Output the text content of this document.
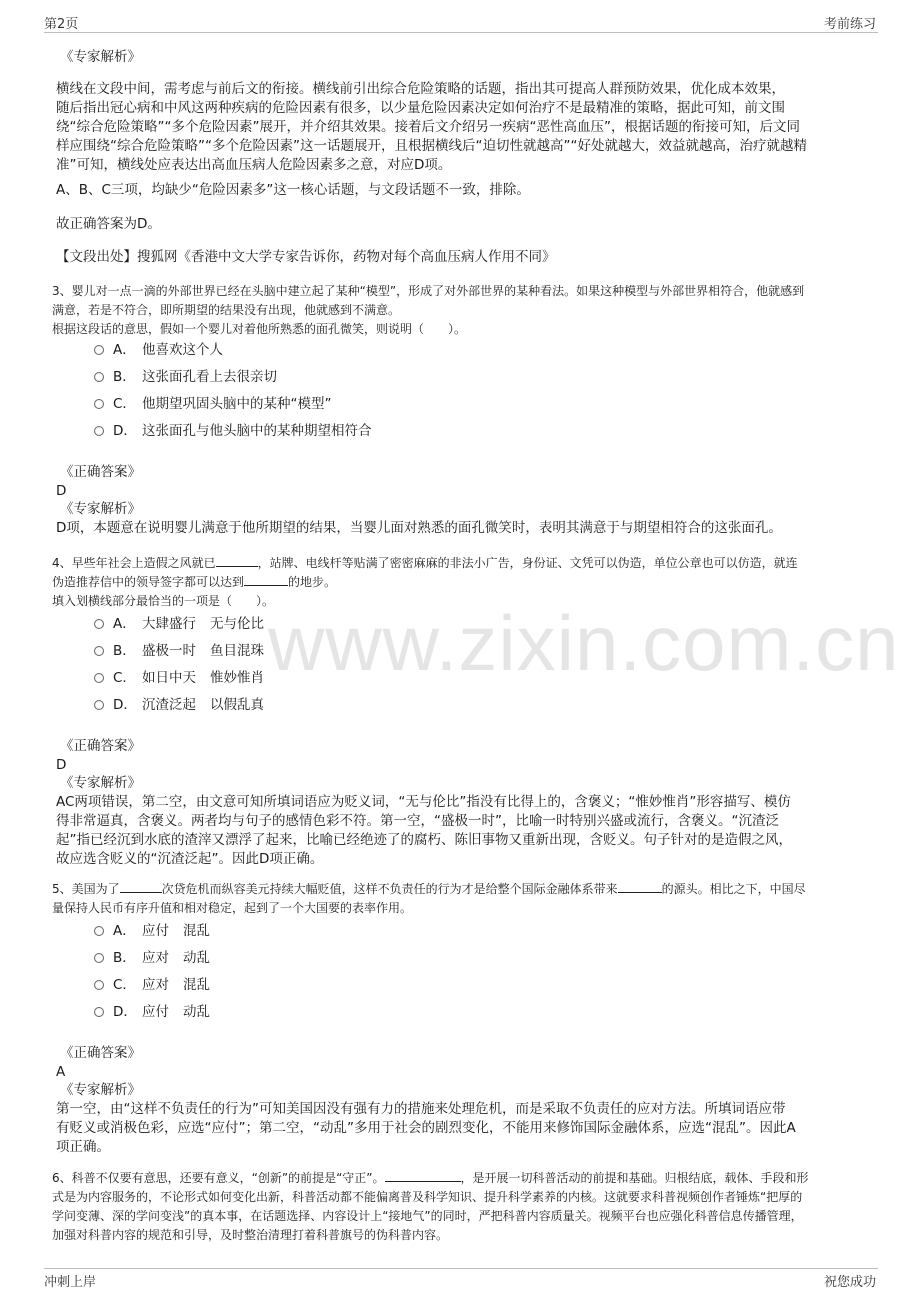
第2页	考前练习
www.zixin.com.cn
《专家解析》
横线在文段中间，需考虑与前后文的衔接。横线前引出综合危险策略的话题，指出其可提高人群预防效果，优化成本效果，
随后指出冠心病和中风这两种疾病的危险因素有很多，以少量危险因素决定如何治疗不是最精准的策略，据此可知，前文围
绕“综合危险策略”“多个危险因素”展开，并介绍其效果。接着后文介绍另一疾病“恶性高血压”，根据话题的衔接可知，后文同
样应围绕“综合危险策略”“多个危险因素”这一话题展开，且根据横线后“迫切性就越高”“好处就越大，效益就越高，治疗就越精
准”可知，横线处应表达出高血压病人危险因素多之意，对应D项。
A、B、C三项，均缺少“危险因素多”这一核心话题，与文段话题不一致，排除。
故正确答案为D。
【文段出处】搜狐网《香港中文大学专家告诉你，药物对每个高血压病人作用不同》
3、婴儿对一点一滴的外部世界已经在头脑中建立起了某种“模型”，形成了对外部世界的某种看法。如果这种模型与外部世界相符合，他就感到
满意，若是不符合，即所期望的结果没有出现，他就感到不满意。
根据这段话的意思，假如一个婴儿对着他所熟悉的面孔微笑，则说明（　　）。
A． 他喜欢这个人
B． 这张面孔看上去很亲切
C． 他期望巩固头脑中的某种“模型”
D． 这张面孔与他头脑中的某种期望相符合
《正确答案》
D
《专家解析》
D项，本题意在说明婴儿满意于他所期望的结果，当婴儿面对熟悉的面孔微笑时，表明其满意于与期望相符合的这张面孔。
4、早些年社会上造假之风就已	，站牌、电线杆等贴满了密密麻麻的非法小广告，身份证、文凭可以伪造，单位公章也可以仿造，就连
伪造推荐信中的领导签字都可以达到	的地步。
填入划横线部分最恰当的一项是（　　）。
A． 大肆盛行 无与伦比
B． 盛极一时 鱼目混珠
C． 如日中天 惟妙惟肖
D． 沉渣泛起 以假乱真
《正确答案》
D
《专家解析》
AC两项错误，第二空，由文意可知所填词语应为贬义词，“无与伦比”指没有比得上的，含褒义；“惟妙惟肖”形容描写、模仿
得非常逼真，含褒义。两者均与句子的感情色彩不符。第一空，“盛极一时”，比喻一时特别兴盛或流行，含褒义。“沉渣泛
起”指已经沉到水底的渣滓又漂浮了起来，比喻已经绝迹了的腐朽、陈旧事物又重新出现，含贬义。句子针对的是造假之风，
故应选含贬义的“沉渣泛起”。因此D项正确。
5、美国为了	次贷危机而纵容美元持续大幅贬值，这样不负责任的行为才是给整个国际金融体系带来	的源头。相比之下，中国尽
量保持人民币有序升值和相对稳定，起到了一个大国要的表率作用。
A． 应付 混乱
B． 应对 动乱
C． 应对 混乱
D． 应付 动乱
《正确答案》
A
《专家解析》
第一空，由“这样不负责任的行为”可知美国因没有强有力的措施来处理危机，而是采取不负责任的应对方法。所填词语应带
有贬义或消极色彩，应选“应付”；第二空，“动乱”多用于社会的剧烈变化，不能用来修饰国际金融体系，应选“混乱”。因此A
项正确。
6、科普不仅要有意思，还要有意义，“创新”的前提是“守正”。	，是开展一切科普活动的前提和基础。归根结底，载体、手段和形
式是为内容服务的，不论形式如何变化出新，科普活动都不能偏离普及科学知识、提升科学素养的内核。这就要求科普视频创作者锤炼“把厚的
学问变薄、深的学问变浅”的真本事，在话题选择、内容设计上“接地气”的同时，严把科普内容质量关。视频平台也应强化科普信息传播管理，
加强对科普内容的规范和引导，及时整治清理打着科普旗号的伪科普内容。
冲刺上岸	祝您成功
